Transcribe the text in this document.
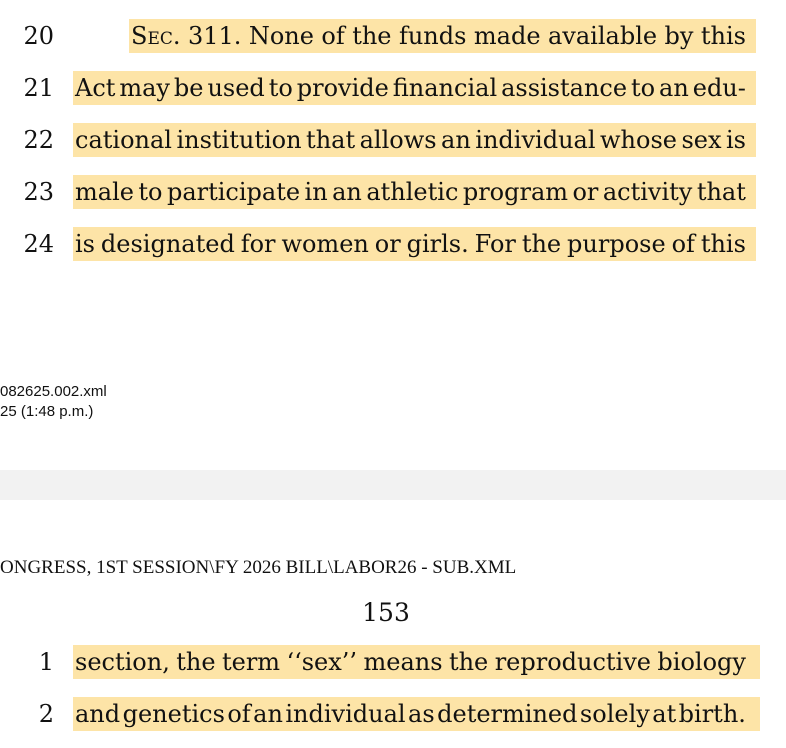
20	Sec. 311. None of the funds made available by this
21 Act may be used to provide financial assistance to an edu-
22 cational institution that allows an individual whose sex is
23 male to participate in an athletic program or activity that
24 is designated for women or girls. For the purpose of this
082625.002.xml
25 (1:48 p.m.)
ONGRESS, 1ST SESSION\FY 2026 BILL\LABOR26 - SUB.XML
153
1 section, the term ‘‘sex’’ means the reproductive biology
2 and genetics of an individual as determined solely at birth.
